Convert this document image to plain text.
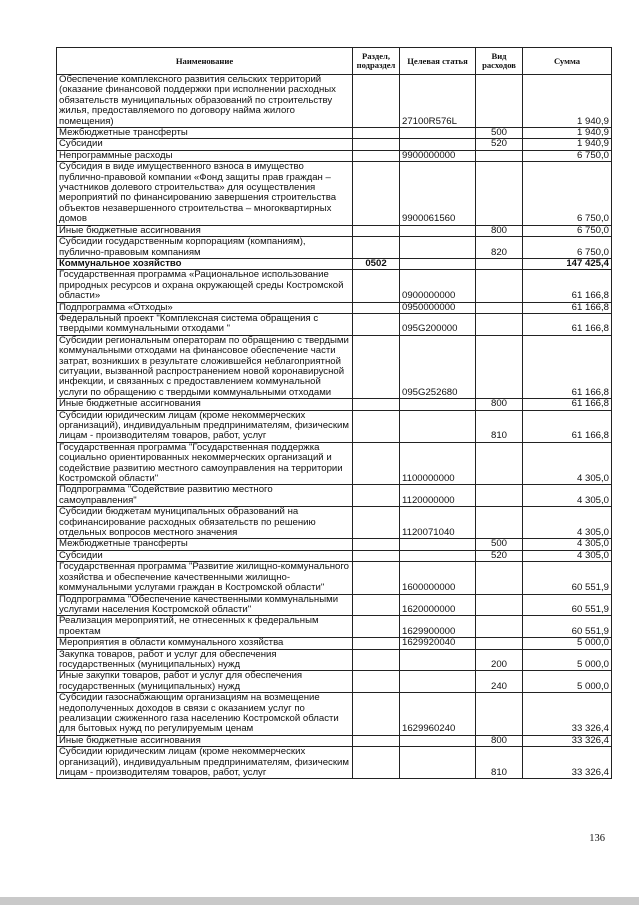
Наименование	Раздел, подраздел	Целевая статья	Вид расходов	Сумма
Обеспечение комплексного развития сельских территорий (оказание финансовой поддержки при исполнении расходных обязательств муниципальных образований по строительству жилья, предоставляемого по договору найма жилого помещения)		27100R576L		1 940,9
Межбюджетные трансферты			500	1 940,9
Субсидии			520	1 940,9
Непрограммные расходы		9900000000		6 750,0
Субсидия в виде имущественного взноса в имущество публично-правовой компании «Фонд защиты прав граждан – участников долевого строительства» для осуществления мероприятий по финансированию завершения строительства объектов незавершенного строительства – многоквартирных домов		9900061560		6 750,0
Иные бюджетные ассигнования			800	6 750,0
Субсидии государственным корпорациям (компаниям), публично-правовым компаниям			820	6 750,0
Коммунальное хозяйство	0502			147 425,4
Государственная программа «Рациональное использование природных ресурсов и охрана окружающей среды Костромской области»		0900000000		61 166,8
Подпрограмма «Отходы»		0950000000		61 166,8
Федеральный проект "Комплексная система обращения с твердыми коммунальными отходами "		095G200000		61 166,8
Субсидии региональным операторам по обращению с твердыми коммунальными отходами на финансовое обеспечение части затрат, возникших в результате сложившейся неблагоприятной ситуации, вызванной распространением новой коронавирусной инфекции, и связанных с предоставлением коммунальной услуги по обращению с твердыми коммунальными отходами		095G252680		61 166,8
Иные бюджетные ассигнования			800	61 166,8
Субсидии юридическим лицам (кроме некоммерческих организаций), индивидуальным предпринимателям, физическим лицам - производителям товаров, работ, услуг			810	61 166,8
Государственная программа "Государственная поддержка социально ориентированных некоммерческих организаций и содействие развитию местного самоуправления на территории Костромской области"		1100000000		4 305,0
Подпрограмма "Содействие развитию местного самоуправления"		1120000000		4 305,0
Субсидии бюджетам муниципальных образований на софинансирование расходных обязательств по решению отдельных вопросов местного значения		1120071040		4 305,0
Межбюджетные трансферты			500	4 305,0
Субсидии			520	4 305,0
Государственная программа "Развитие жилищно-коммунального хозяйства и обеспечение качественными жилищно-коммунальными услугами граждан в Костромской области"		1600000000		60 551,9
Подпрограмма "Обеспечение качественными коммунальными услугами населения Костромской области"		1620000000		60 551,9
Реализация мероприятий, не отнесенных к федеральным проектам		1629900000		60 551,9
Мероприятия в области коммунального хозяйства		1629920040		5 000,0
Закупка товаров, работ и услуг для обеспечения государственных (муниципальных) нужд			200	5 000,0
Иные закупки товаров, работ и услуг для обеспечения государственных (муниципальных) нужд			240	5 000,0
Субсидии газоснабжающим организациям на возмещение недополученных доходов в связи с оказанием услуг по реализации сжиженного газа населению Костромской области для бытовых нужд по регулируемым ценам		1629960240		33 326,4
Иные бюджетные ассигнования			800	33 326,4
Субсидии юридическим лицам (кроме некоммерческих организаций), индивидуальным предпринимателям, физическим лицам - производителям товаров, работ, услуг			810	33 326,4
136
